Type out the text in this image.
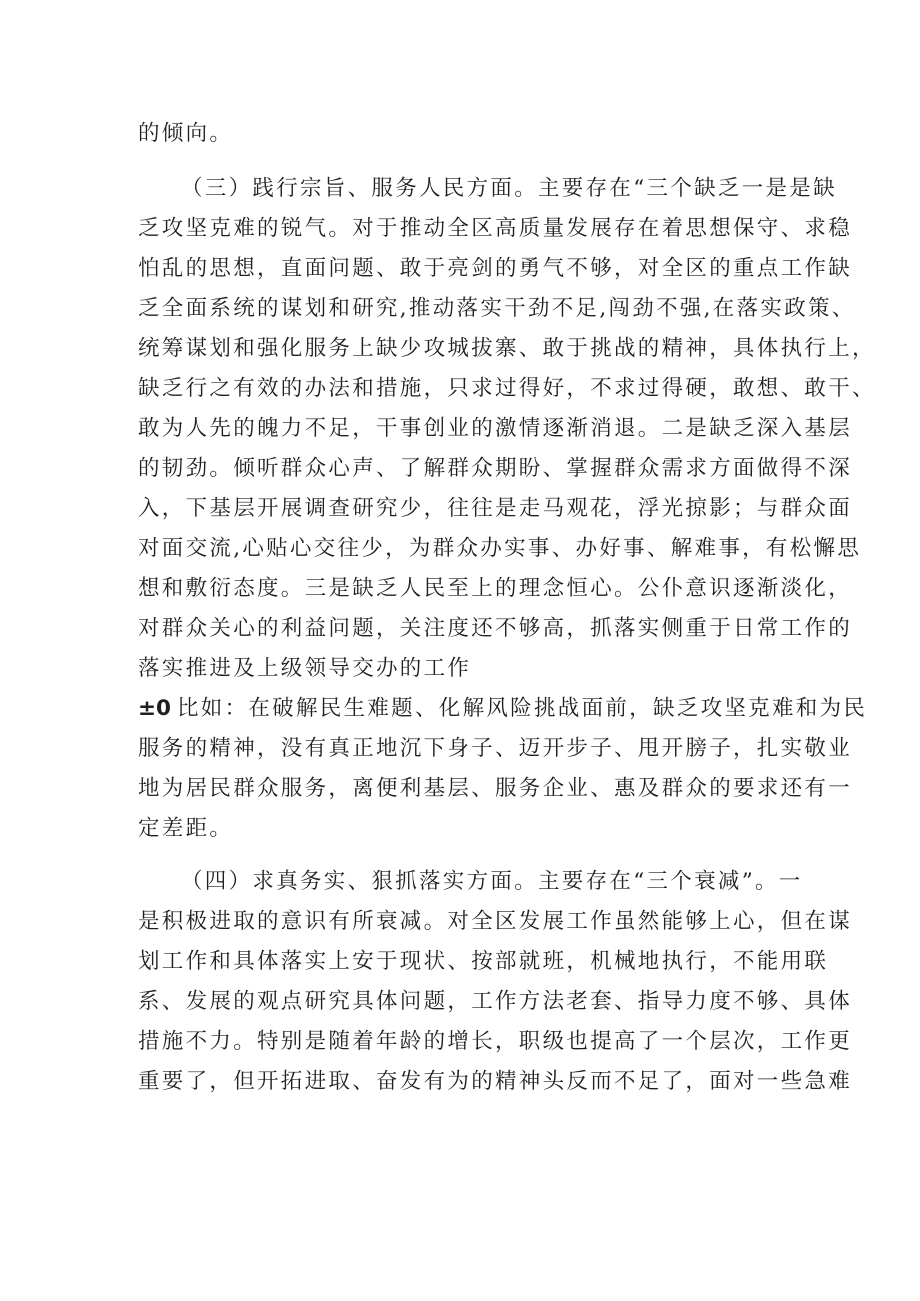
的倾向。
（三）践行宗旨、服务人民方面。主要存在“三个缺乏一是是缺
乏攻坚克难的锐气。对于推动全区高质量发展存在着思想保守、求稳
怕乱的思想，直面问题、敢于亮剑的勇气不够，对全区的重点工作缺
乏全面系统的谋划和研究,推动落实干劲不足,闯劲不强,在落实政策、
统筹谋划和强化服务上缺少攻城拔寨、敢于挑战的精神，具体执行上，
缺乏行之有效的办法和措施，只求过得好，不求过得硬，敢想、敢干、
敢为人先的魄力不足，干事创业的激情逐渐消退。二是缺乏深入基层
的韧劲。倾听群众心声、了解群众期盼、掌握群众需求方面做得不深
入，下基层开展调查研究少，往往是走马观花，浮光掠影；与群众面
对面交流,心贴心交往少，为群众办实事、办好事、解难事，有松懈思
想和敷衍态度。三是缺乏人民至上的理念恒心。公仆意识逐渐淡化，
对群众关心的利益问题，关注度还不够高，抓落实侧重于日常工作的
落实推进及上级领导交办的工作
±0 比如：在破解民生难题、化解风险挑战面前，缺乏攻坚克难和为民
服务的精神，没有真正地沉下身子、迈开步子、甩开膀子，扎实敬业
地为居民群众服务，离便利基层、服务企业、惠及群众的要求还有一
定差距。
（四）求真务实、狠抓落实方面。主要存在“三个衰减”。一
是积极进取的意识有所衰减。对全区发展工作虽然能够上心，但在谋
划工作和具体落实上安于现状、按部就班，机械地执行，不能用联
系、发展的观点研究具体问题，工作方法老套、指导力度不够、具体
措施不力。特别是随着年龄的增长，职级也提高了一个层次，工作更
重要了，但开拓进取、奋发有为的精神头反而不足了，面对一些急难
